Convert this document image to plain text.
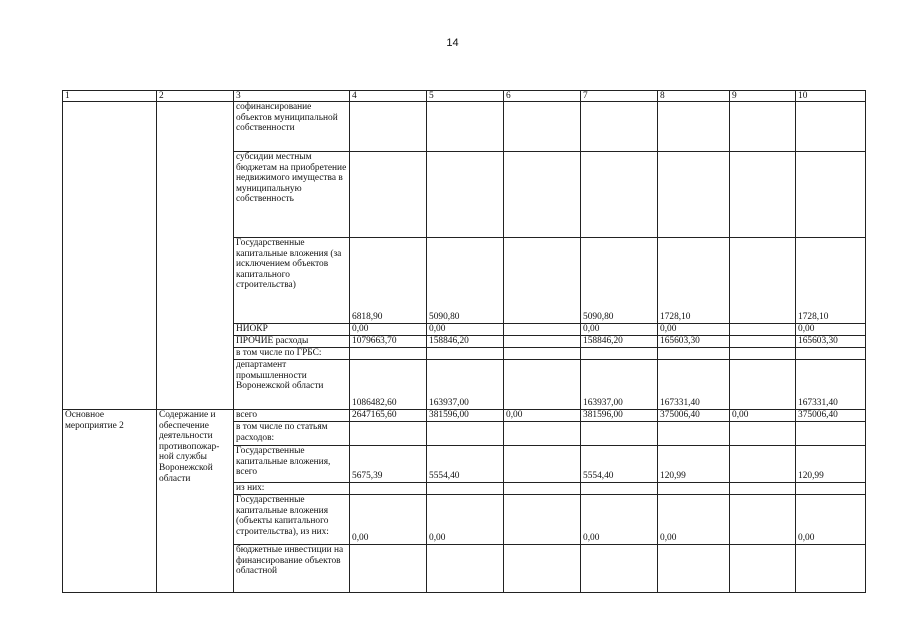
14
1	2	3	4	5	6	7	8	9	10
		софинансирование объектов муниципальной собственности							
		субсидии местным бюджетам на приобретение недвижимого имущества в муниципальную собственность							
		Государственные капитальные вложения (за исключением объектов капитального строительства)	6818,90	5090,80		5090,80	1728,10		1728,10
		НИОКР	0,00	0,00		0,00	0,00		0,00
		ПРОЧИЕ расходы	1079663,70	158846,20		158846,20	165603,30		165603,30
		в том числе по ГРБС:							
		департамент промышленности Воронежской области	1086482,60	163937,00		163937,00	167331,40		167331,40
Основное мероприятие 2	Содержание и обеспечение деятельности противопожар-ной службы Воронежской области	всего	2647165,60	381596,00	0,00	381596,00	375006,40	0,00	375006,40
		в том числе по статьям расходов:							
		Государственные капитальные вложения, всего	5675,39	5554,40		5554,40	120,99		120,99
		из них:							
		Государственные капитальные вложения (объекты капитального строительства), из них:	0,00	0,00		0,00	0,00		0,00
		бюджетные инвестиции на финансирование объектов областной							
